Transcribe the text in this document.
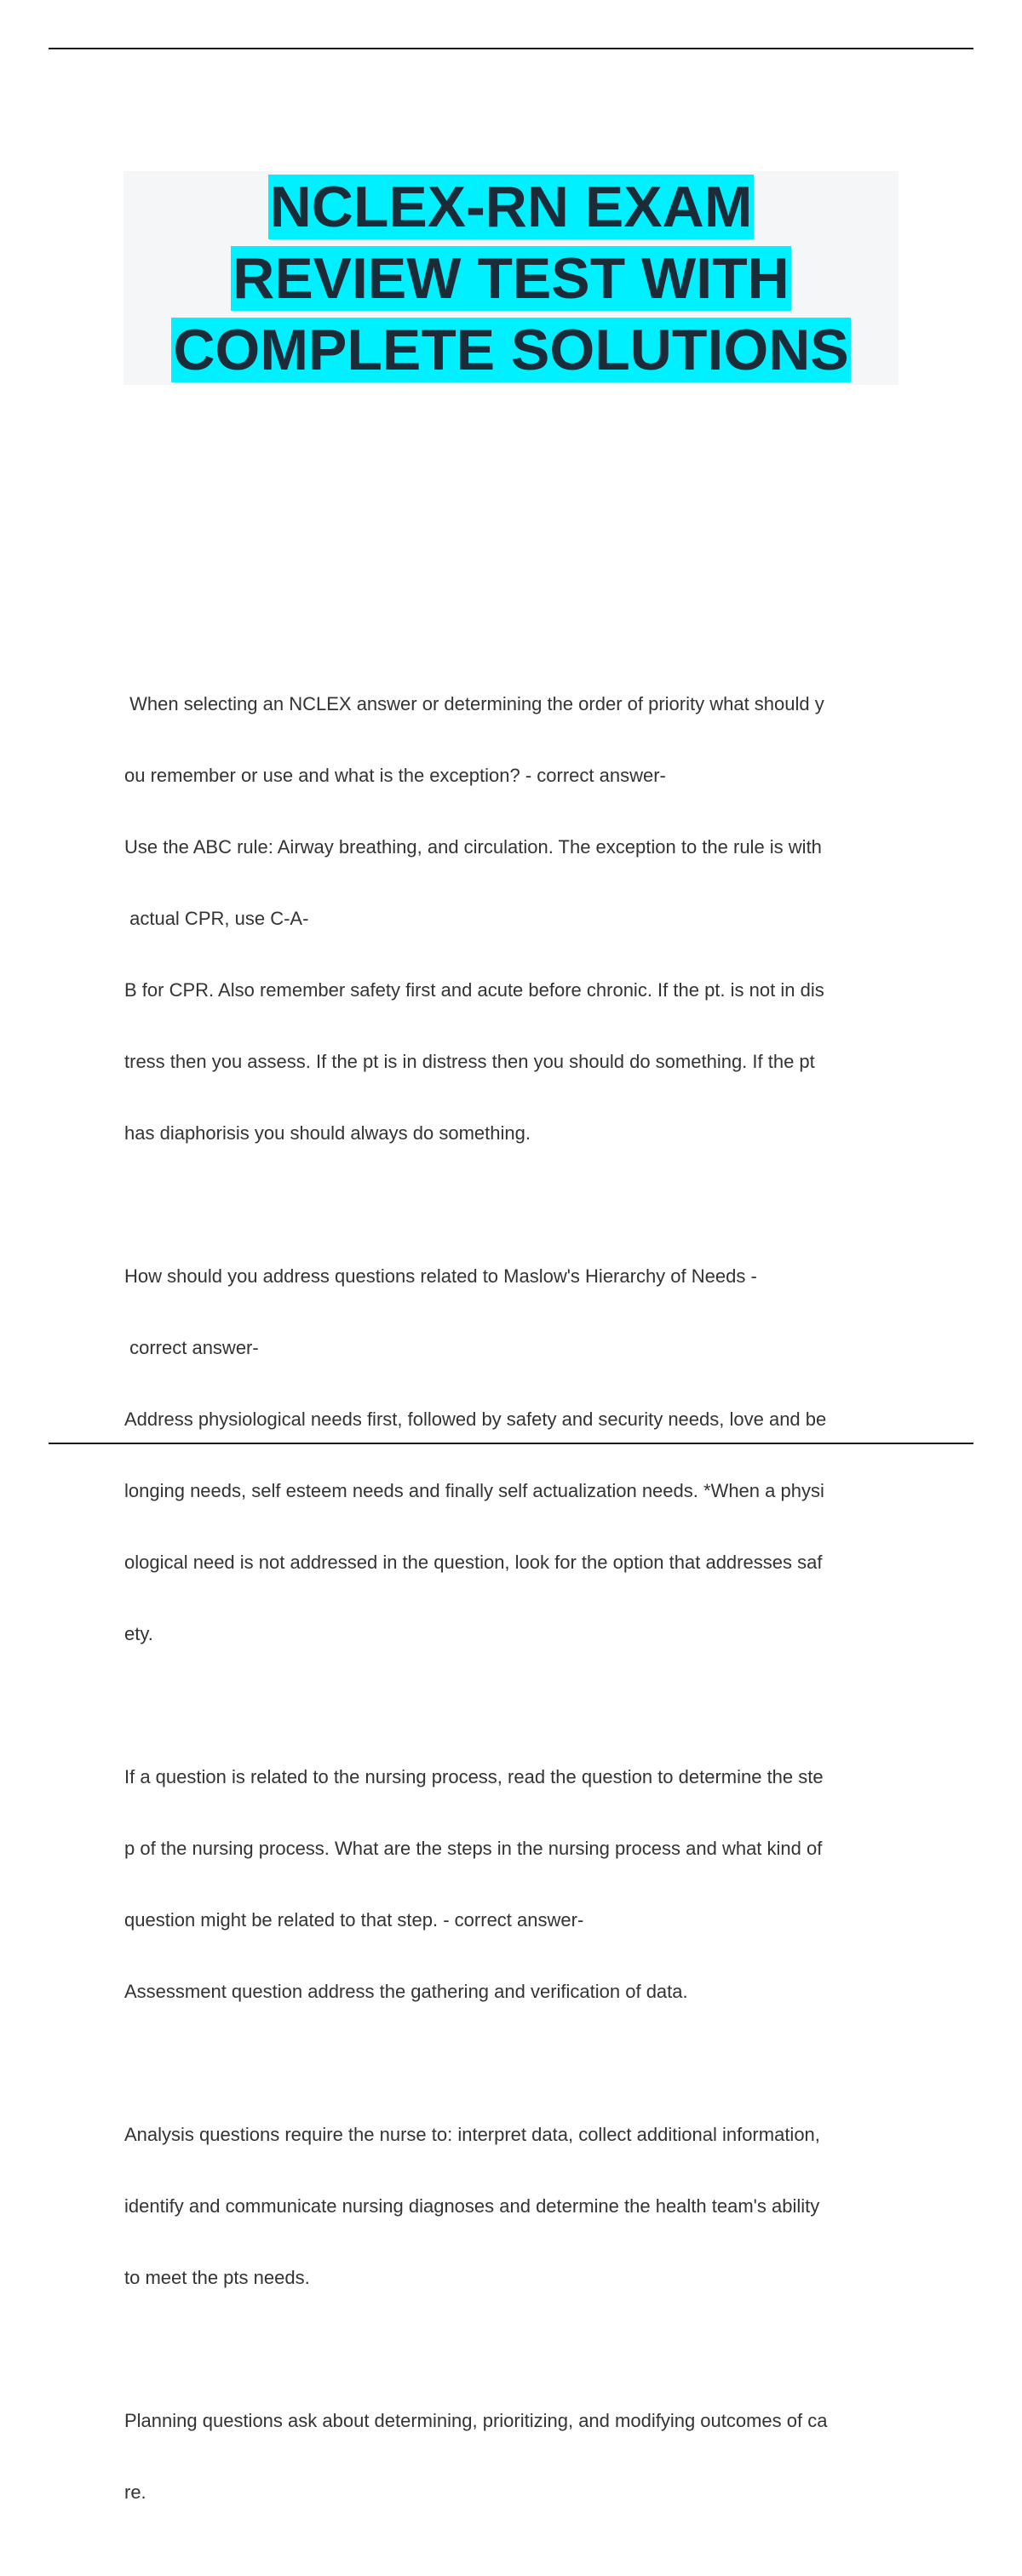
NCLEX-RN EXAM
REVIEW TEST WITH
COMPLETE SOLUTIONS

When selecting an NCLEX answer or determining the order of priority what should y

ou remember or use and what is the exception? - correct answer-

Use the ABC rule: Airway breathing, and circulation. The exception to the rule is with

actual CPR, use C-A-

B for CPR. Also remember safety first and acute before chronic. If the pt. is not in dis

tress then you assess. If the pt is in distress then you should do something. If the pt

has diaphorisis you should always do something.

How should you address questions related to Maslow's Hierarchy of Needs -

correct answer-

Address physiological needs first, followed by safety and security needs, love and be

longing needs, self esteem needs and finally self actualization needs. *When a physi

ological need is not addressed in the question, look for the option that addresses saf

ety.

If a question is related to the nursing process, read the question to determine the ste

p of the nursing process. What are the steps in the nursing process and what kind of

question might be related to that step. - correct answer-

Assessment question address the gathering and verification of data.

Analysis questions require the nurse to: interpret data, collect additional information,

identify and communicate nursing diagnoses and determine the health team's ability

to meet the pts needs.

Planning questions ask about determining, prioritizing, and modifying outcomes of ca

re.
